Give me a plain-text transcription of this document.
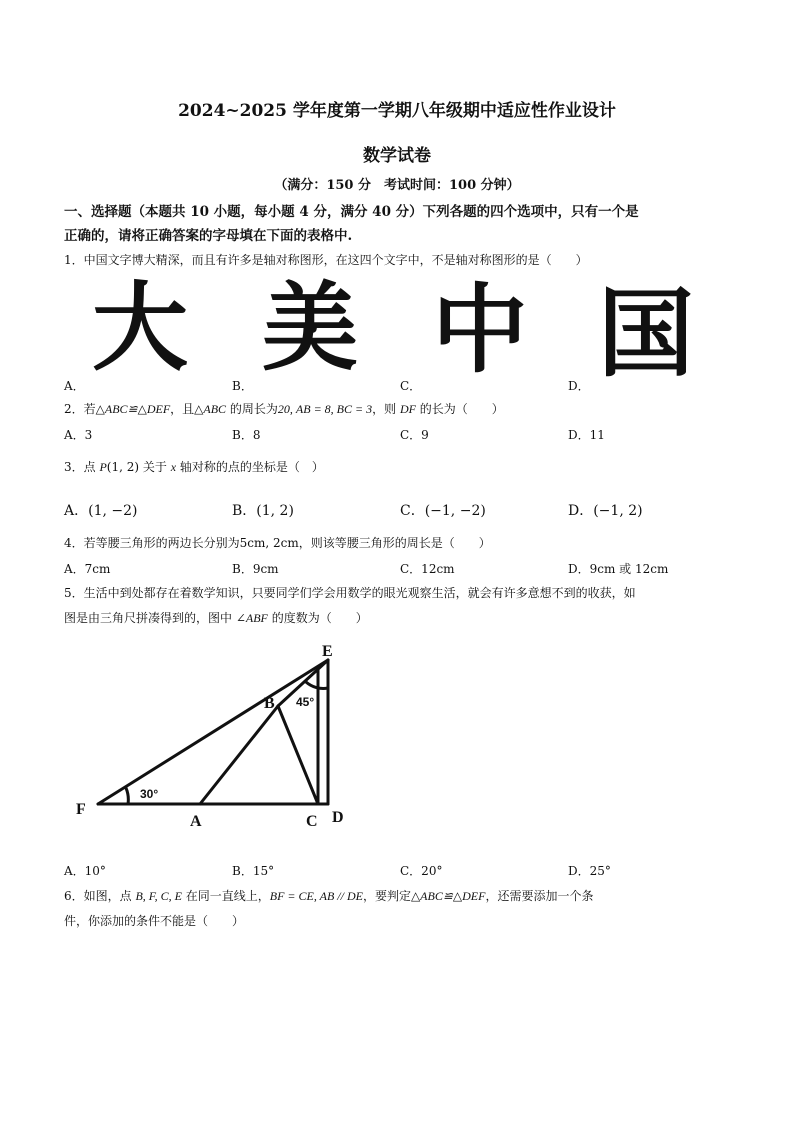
2024~2025 学年度第一学期八年级期中适应性作业设计
数学试卷
（满分：150 分　考试时间：100 分钟）
一、选择题（本题共 10 小题，每小题 4 分，满分 40 分）下列各题的四个选项中，只有一个是
正确的，请将正确答案的字母填在下面的表格中.
1．中国文字博大精深，而且有许多是轴对称图形，在这四个文字中，不是轴对称图形的是（　　）
大 美 中 国
A．	B．	C．	D．
2．若△ABC≌△DEF，且△ABC 的周长为20, AB = 8, BC = 3，则 DF 的长为（　　）
A．3	B．8	C．9	D．11
3．点 P(1, 2) 关于 x 轴对称的点的坐标是（　）
A．(1, −2)	B．(1, 2)	C．(−1, −2)	D．(−1, 2)
4．若等腰三角形的两边长分别为5cm, 2cm，则该等腰三角形的周长是（　　）
A．7cm	B．9cm	C．12cm	D．9cm 或 12cm
5．生活中到处都存在着数学知识，只要同学们学会用数学的眼光观察生活，就会有许多意想不到的收获，如
图是由三角尺拼凑得到的，图中 ∠ABF 的度数为（　　）
E
B
F
A	C D
30°
45°
A．10°	B．15°	C．20°	D．25°
6．如图，点 B, F, C, E 在同一直线上，BF = CE, AB // DE，要判定△ABC≌△DEF，还需要添加一个条
件，你添加的条件不能是（　　）
